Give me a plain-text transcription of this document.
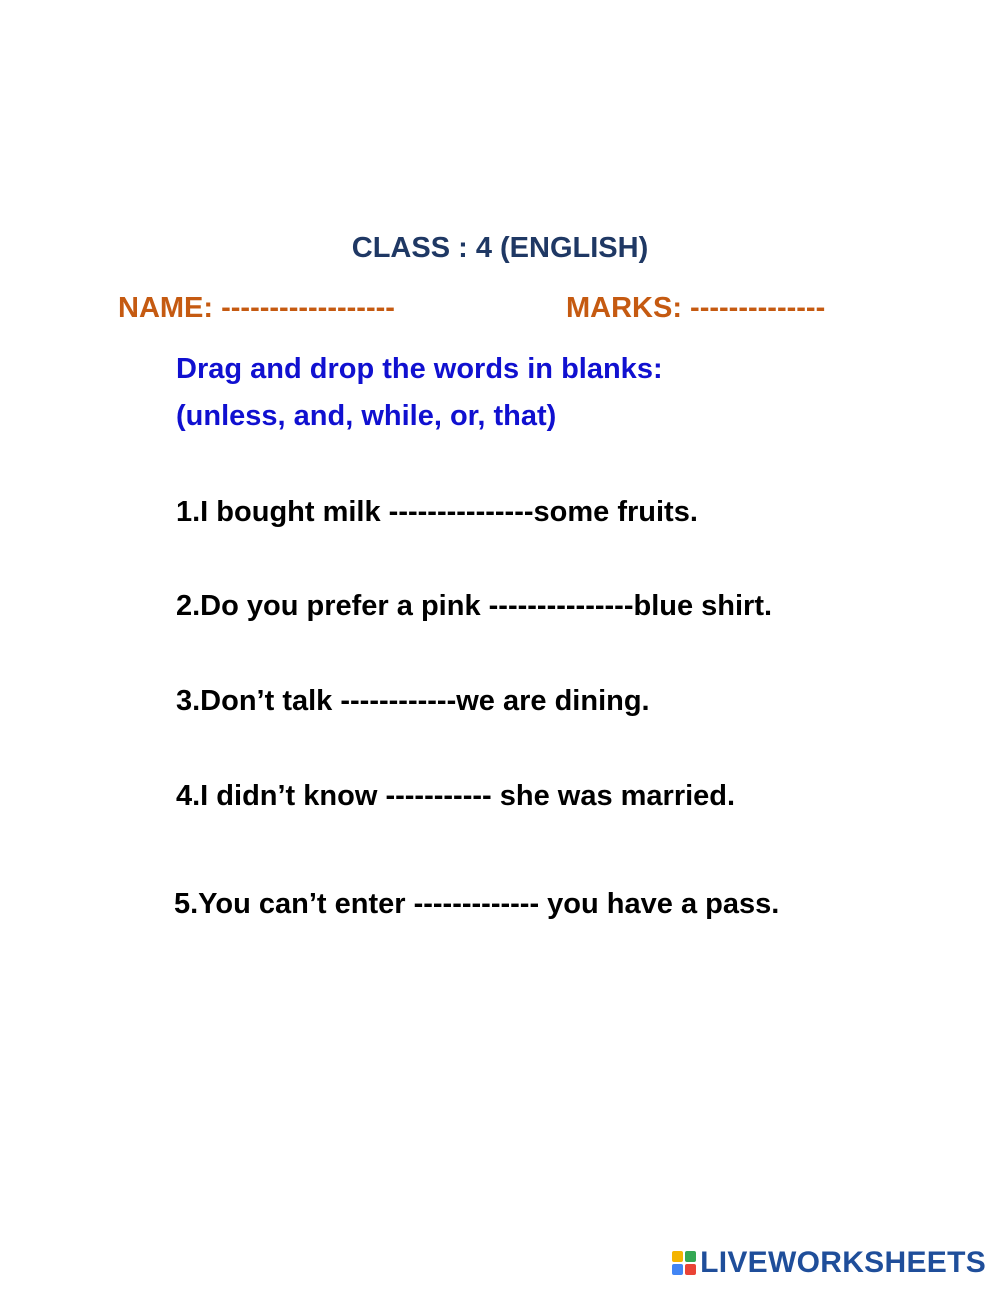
CLASS : 4 (ENGLISH)
NAME: ------------------	MARKS: --------------
Drag and drop the words in blanks:
(unless, and, while, or, that)
1.I bought milk ---------------some fruits.
2.Do you prefer a pink ---------------blue shirt.
3.Don’t talk ------------we are dining.
4.I didn’t know ----------- she was married.
5.You can’t enter ------------- you have a pass.
LIVEWORKSHEETS
